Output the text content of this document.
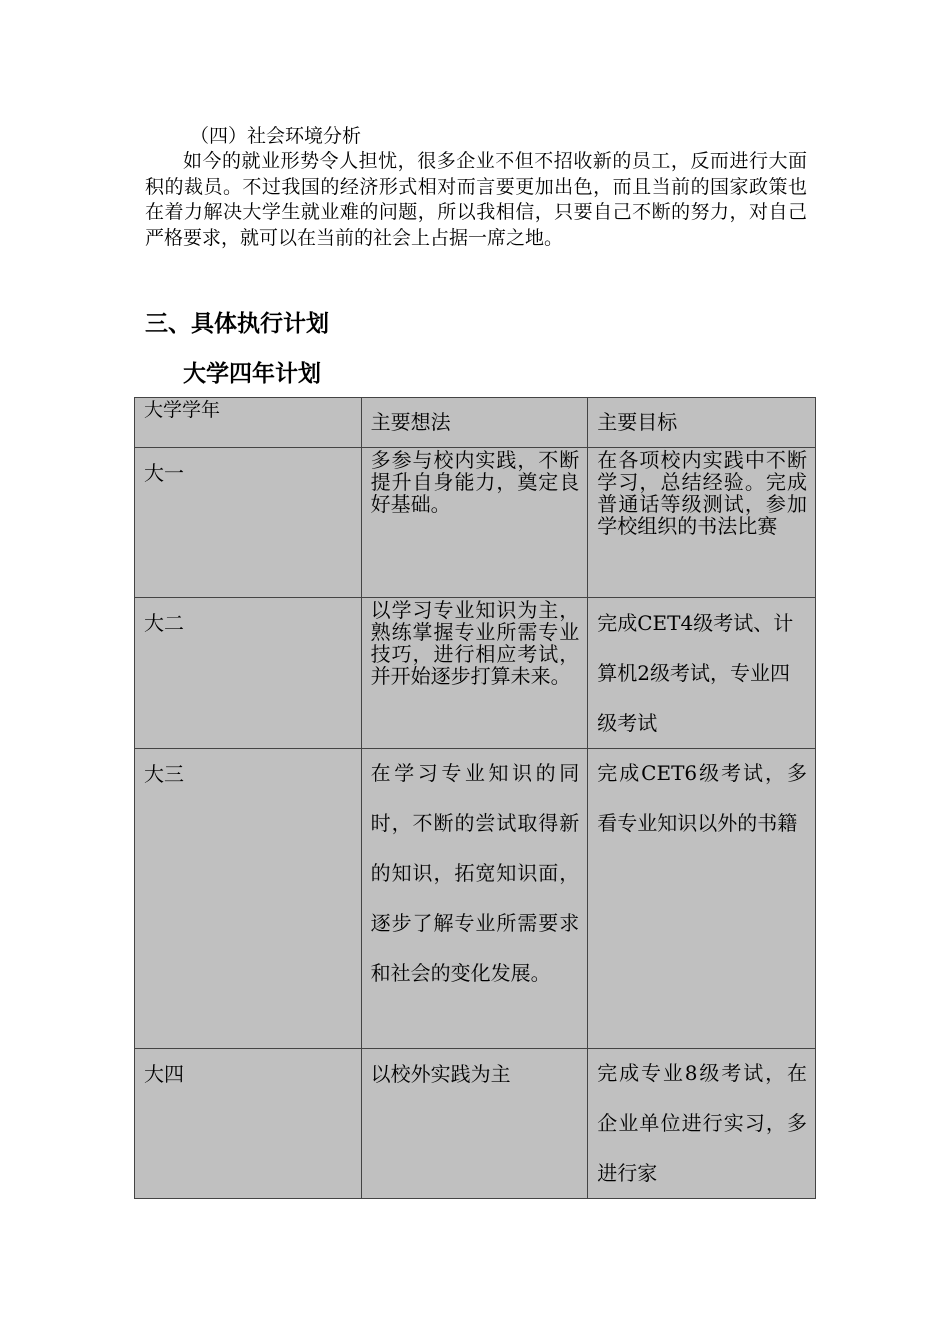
（四）社会环境分析
如今的就业形势令人担忧，很多企业不但不招收新的员工，反而进行大面积的裁员。不过我国的经济形式相对而言要更加出色，而且当前的国家政策也在着力解决大学生就业难的问题，所以我相信，只要自己不断的努力，对自己严格要求，就可以在当前的社会上占据一席之地。
三、具体执行计划
大学四年计划
大学学年	主要想法	主要目标

大一	多参与校内实践，不断提升自身能力，奠定良好基础。	在各项校内实践中不断学习，总结经验。完成普通话等级测试，参加学校组织的书法比赛

大二	以学习专业知识为主，熟练掌握专业所需专业技巧，进行相应考试，并开始逐步打算未来。	完成CET4级考试、计算机2级考试，专业四级考试

大三	在学习专业知识的同时，不断的尝试取得新的知识，拓宽知识面，逐步了解专业所需要求和社会的变化发展。	完成CET6级考试，多看专业知识以外的书籍

大四	以校外实践为主	完成专业8级考试，在企业单位进行实习，多进行家
